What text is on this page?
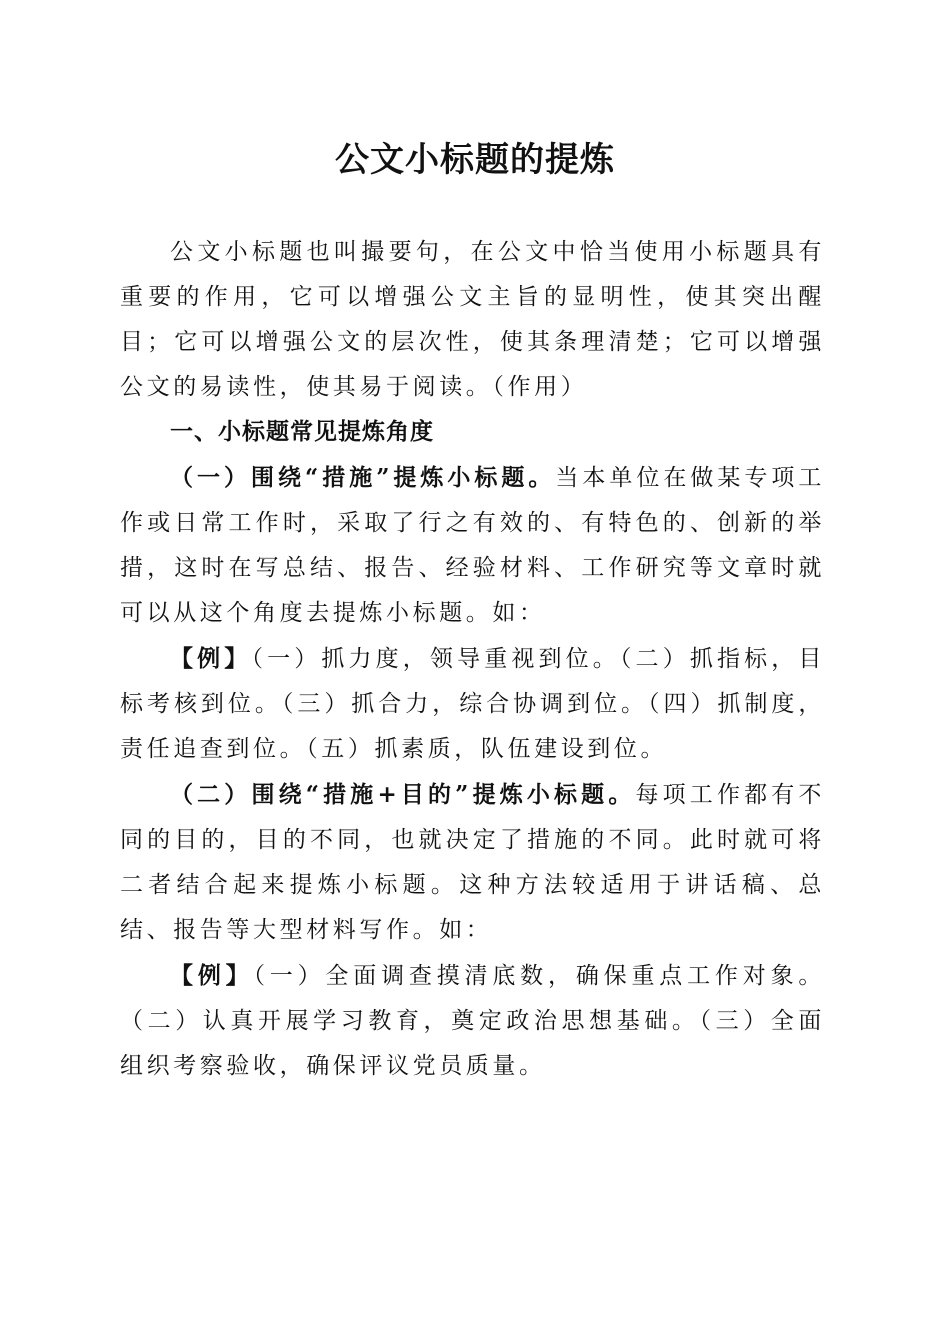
公文小标题的提炼

公文小标题也叫撮要句，在公文中恰当使用小标题具有重要的作用，它可以增强公文主旨的显明性，使其突出醒目；它可以增强公文的层次性，使其条理清楚；它可以增强公文的易读性，使其易于阅读。（作用）

一、小标题常见提炼角度

（一）围绕“措施”提炼小标题。当本单位在做某专项工作或日常工作时，采取了行之有效的、有特色的、创新的举措，这时在写总结、报告、经验材料、工作研究等文章时就可以从这个角度去提炼小标题。如：

【例】（一）抓力度，领导重视到位。（二）抓指标，目标考核到位。（三）抓合力，综合协调到位。（四）抓制度，责任追查到位。（五）抓素质，队伍建设到位。

（二）围绕“措施+目的”提炼小标题。每项工作都有不同的目的，目的不同，也就决定了措施的不同。此时就可将二者结合起来提炼小标题。这种方法较适用于讲话稿、总结、报告等大型材料写作。如：

【例】（一）全面调查摸清底数，确保重点工作对象。（二）认真开展学习教育，奠定政治思想基础。（三）全面组织考察验收，确保评议党员质量。
